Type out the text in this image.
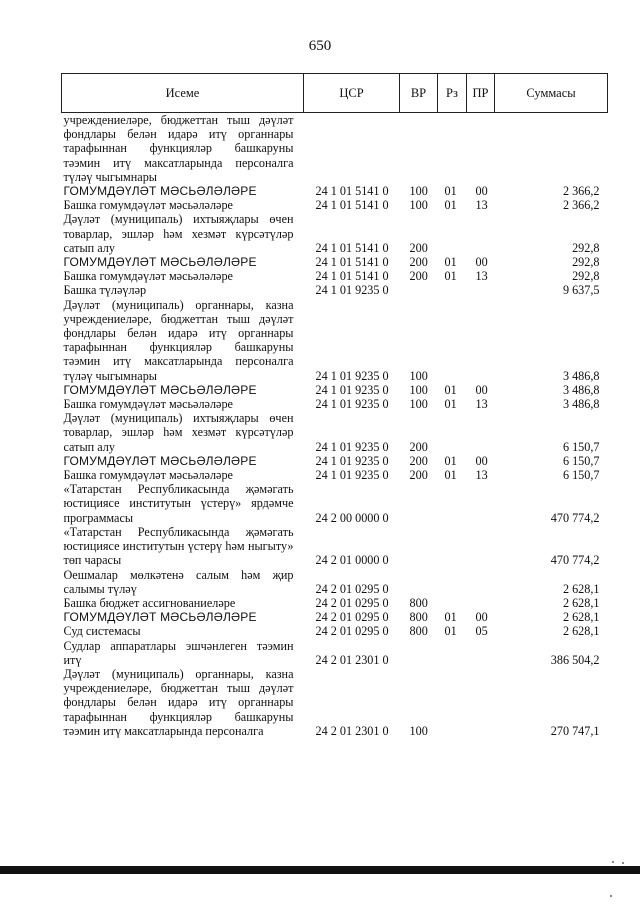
650
Исеме	ЦСР	ВР	Рз	ПР	Суммасы
учреждениеләре, бюджеттан тыш дәүләт фондлары белән идарә итү органнары тарафыннан функцияләр башкаруны тәэмин итү максатларында персоналга түләү чыгымнары					
ГОМУМДӘҮЛӘТ МӘСЬӘЛӘЛӘРЕ	24 1 01 5141 0	100	01	00	2 366,2
Башка гомумдәүләт мәсьәләләре	24 1 01 5141 0	100	01	13	2 366,2
Дәүләт (муниципаль) ихтыяҗлары өчен товарлар, эшләр һәм хезмәт күрсәтүләр сатып алу	24 1 01 5141 0	200			292,8
ГОМУМДӘҮЛӘТ МӘСЬӘЛӘЛӘРЕ	24 1 01 5141 0	200	01	00	292,8
Башка гомумдәүләт мәсьәләләре	24 1 01 5141 0	200	01	13	292,8
Башка түләүләр	24 1 01 9235 0				9 637,5
Дәүләт (муниципаль) органнары, казна учреждениеләре, бюджеттан тыш дәүләт фондлары белән идарә итү органнары тарафыннан функцияләр башкаруны тәэмин итү максатларында персоналга түләү чыгымнары	24 1 01 9235 0	100			3 486,8
ГОМУМДӘҮЛӘТ МӘСЬӘЛӘЛӘРЕ	24 1 01 9235 0	100	01	00	3 486,8
Башка гомумдәүләт мәсьәләләре	24 1 01 9235 0	100	01	13	3 486,8
Дәүләт (муниципаль) ихтыяҗлары өчен товарлар, эшләр һәм хезмәт күрсәтүләр сатып алу	24 1 01 9235 0	200			6 150,7
ГОМУМДӘҮЛӘТ МӘСЬӘЛӘЛӘРЕ	24 1 01 9235 0	200	01	00	6 150,7
Башка гомумдәүләт мәсьәләләре	24 1 01 9235 0	200	01	13	6 150,7
«Татарстан Республикасында җәмәгать юстициясе институтын үстерү» ярдәмче программасы	24 2 00 0000 0				470 774,2
«Татарстан Республикасында җәмәгать юстициясе институтын үстерү һәм ныгыту» төп чарасы	24 2 01 0000 0				470 774,2
Оешмалар мөлкәтенә салым һәм җир салымы түләү	24 2 01 0295 0				2 628,1
Башка бюджет ассигнованиеләре	24 2 01 0295 0	800			2 628,1
ГОМУМДӘҮЛӘТ МӘСЬӘЛӘЛӘРЕ	24 2 01 0295 0	800	01	00	2 628,1
Суд системасы	24 2 01 0295 0	800	01	05	2 628,1
Судлар аппаратлары эшчәнлеген тәэмин итү	24 2 01 2301 0				386 504,2
Дәүләт (муниципаль) органнары, казна учреждениеләре, бюджеттан тыш дәүләт фондлары белән идарә итү органнары тарафыннан функцияләр башкаруны тәэмин итү максатларында персоналга	24 2 01 2301 0	100			270 747,1
